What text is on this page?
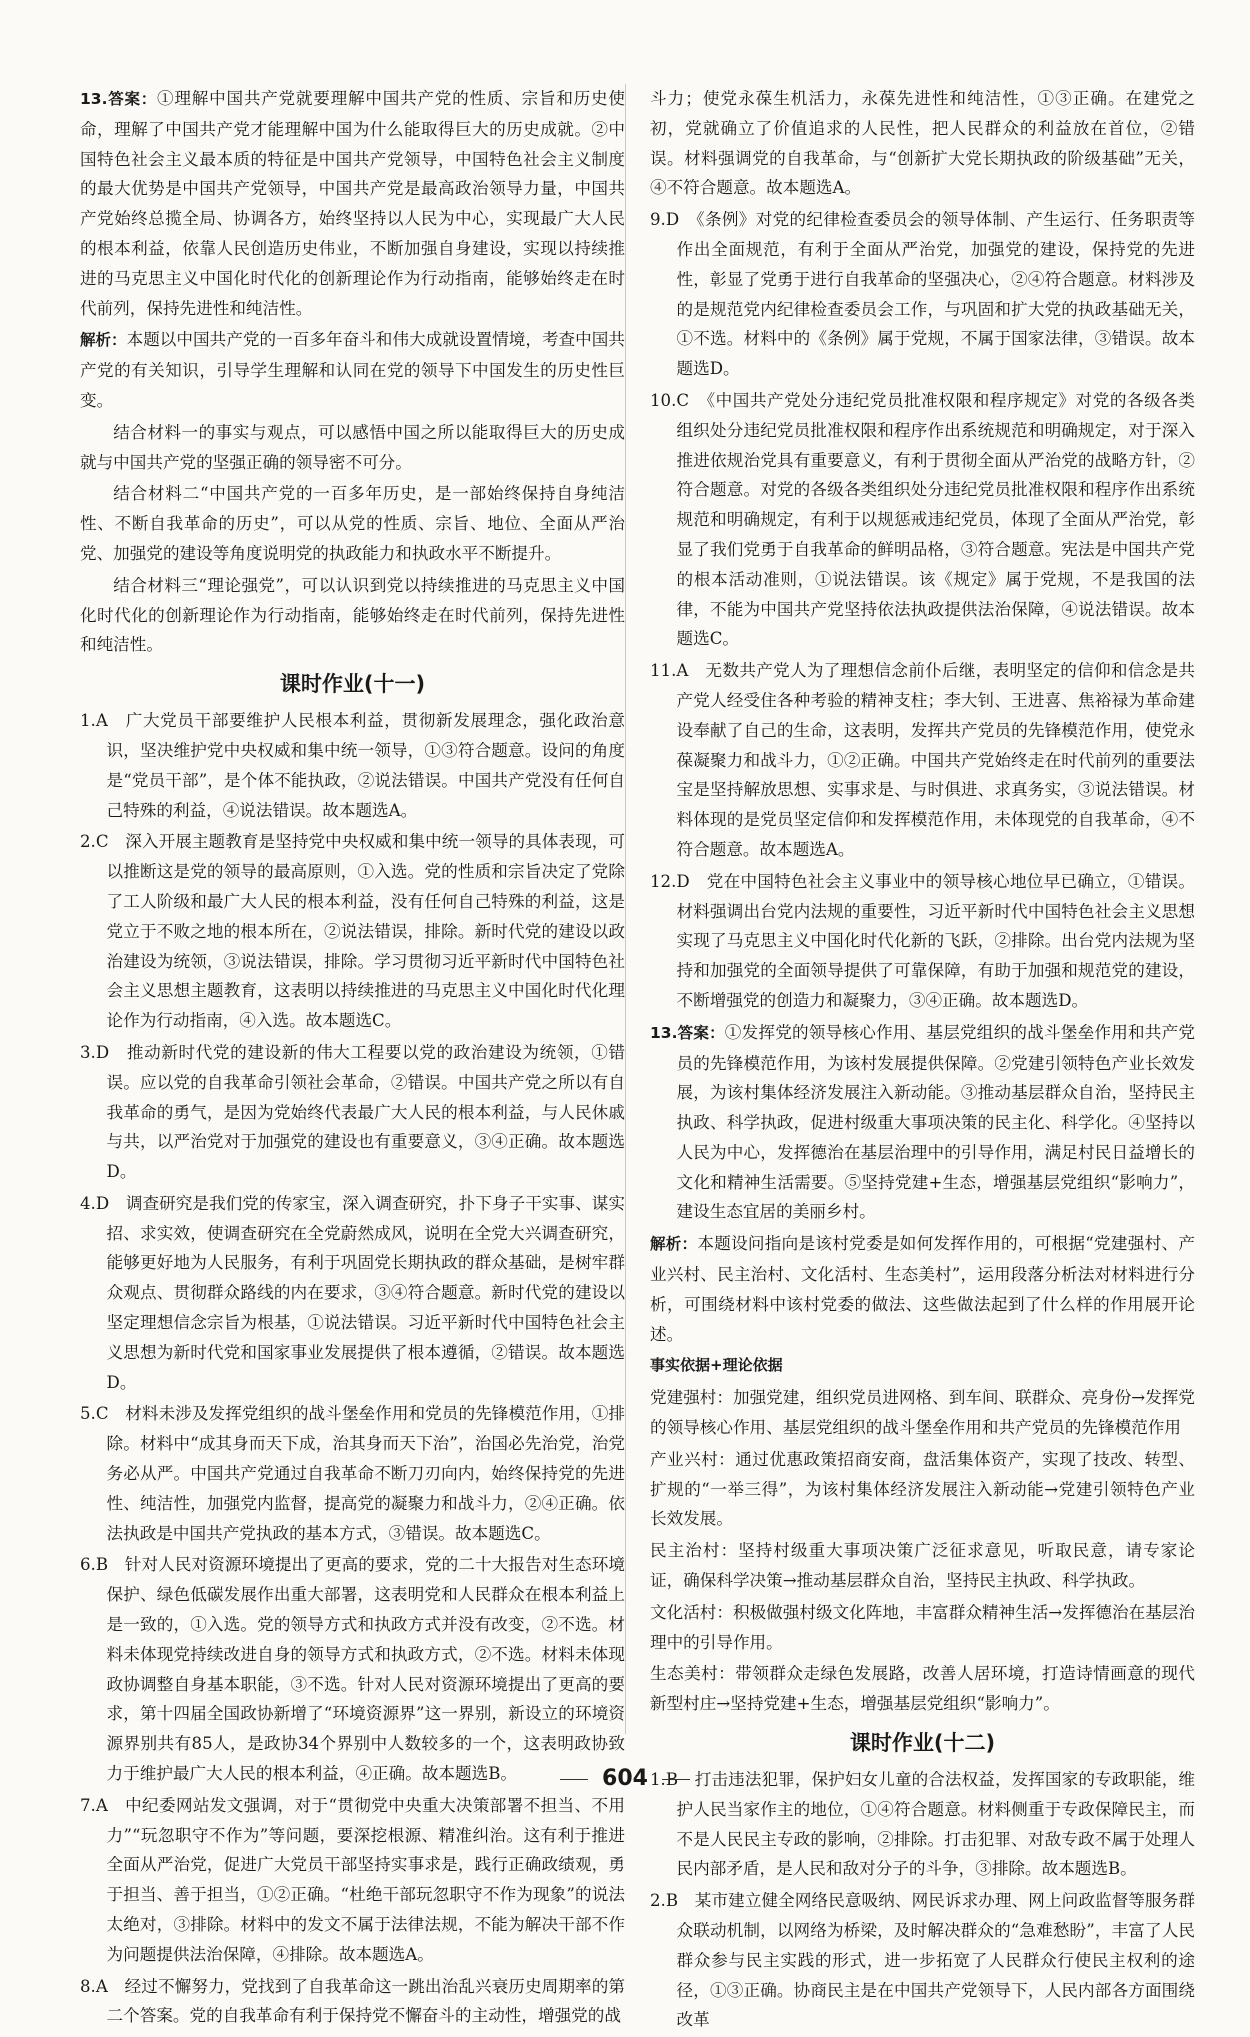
13.答案：①理解中国共产党就要理解中国共产党的性质、宗旨和历史使命，理解了中国共产党才能理解中国为什么能取得巨大的历史成就。②中国特色社会主义最本质的特征是中国共产党领导，中国特色社会主义制度的最大优势是中国共产党领导，中国共产党是最高政治领导力量，中国共产党始终总揽全局、协调各方，始终坚持以人民为中心，实现最广大人民的根本利益，依靠人民创造历史伟业，不断加强自身建设，实现以持续推进的马克思主义中国化时代化的创新理论作为行动指南，能够始终走在时代前列，保持先进性和纯洁性。
解析：本题以中国共产党的一百多年奋斗和伟大成就设置情境，考查中国共产党的有关知识，引导学生理解和认同在党的领导下中国发生的历史性巨变。
结合材料一的事实与观点，可以感悟中国之所以能取得巨大的历史成就与中国共产党的坚强正确的领导密不可分。
结合材料二“中国共产党的一百多年历史，是一部始终保持自身纯洁性、不断自我革命的历史”，可以从党的性质、宗旨、地位、全面从严治党、加强党的建设等角度说明党的执政能力和执政水平不断提升。
结合材料三“理论强党”，可以认识到党以持续推进的马克思主义中国化时代化的创新理论作为行动指南，能够始终走在时代前列，保持先进性和纯洁性。
课时作业(十一)
1.A　广大党员干部要维护人民根本利益，贯彻新发展理念，强化政治意识，坚决维护党中央权威和集中统一领导，①③符合题意。设问的角度是“党员干部”，是个体不能执政，②说法错误。中国共产党没有任何自己特殊的利益，④说法错误。故本题选A。
2.C　深入开展主题教育是坚持党中央权威和集中统一领导的具体表现，可以推断这是党的领导的最高原则，①入选。党的性质和宗旨决定了党除了工人阶级和最广大人民的根本利益，没有任何自己特殊的利益，这是党立于不败之地的根本所在，②说法错误，排除。新时代党的建设以政治建设为统领，③说法错误，排除。学习贯彻习近平新时代中国特色社会主义思想主题教育，这表明以持续推进的马克思主义中国化时代化理论作为行动指南，④入选。故本题选C。
3.D　推动新时代党的建设新的伟大工程要以党的政治建设为统领，①错误。应以党的自我革命引领社会革命，②错误。中国共产党之所以有自我革命的勇气，是因为党始终代表最广大人民的根本利益，与人民休戚与共，以严治党对于加强党的建设也有重要意义，③④正确。故本题选D。
4.D　调查研究是我们党的传家宝，深入调查研究，扑下身子干实事、谋实招、求实效，使调查研究在全党蔚然成风，说明在全党大兴调查研究，能够更好地为人民服务，有利于巩固党长期执政的群众基础，是树牢群众观点、贯彻群众路线的内在要求，③④符合题意。新时代党的建设以坚定理想信念宗旨为根基，①说法错误。习近平新时代中国特色社会主义思想为新时代党和国家事业发展提供了根本遵循，②错误。故本题选D。
5.C　材料未涉及发挥党组织的战斗堡垒作用和党员的先锋模范作用，①排除。材料中“成其身而天下成，治其身而天下治”，治国必先治党，治党务必从严。中国共产党通过自我革命不断刀刃向内，始终保持党的先进性、纯洁性，加强党内监督，提高党的凝聚力和战斗力，②④正确。依法执政是中国共产党执政的基本方式，③错误。故本题选C。
6.B　针对人民对资源环境提出了更高的要求，党的二十大报告对生态环境保护、绿色低碳发展作出重大部署，这表明党和人民群众在根本利益上是一致的，①入选。党的领导方式和执政方式并没有改变，②不选。材料未体现党持续改进自身的领导方式和执政方式，②不选。材料未体现政协调整自身基本职能，③不选。针对人民对资源环境提出了更高的要求，第十四届全国政协新增了“环境资源界”这一界别，新设立的环境资源界别共有85人，是政协34个界别中人数较多的一个，这表明政协致力于维护最广大人民的根本利益，④正确。故本题选B。
7.A　中纪委网站发文强调，对于“贯彻党中央重大决策部署不担当、不用力”“玩忽职守不作为”等问题，要深挖根源、精准纠治。这有利于推进全面从严治党，促进广大党员干部坚持实事求是，践行正确政绩观，勇于担当、善于担当，①②正确。“杜绝干部玩忽职守不作为现象”的说法太绝对，③排除。材料中的发文不属于法律法规，不能为解决干部不作为问题提供法治保障，④排除。故本题选A。
8.A　经过不懈努力，党找到了自我革命这一跳出治乱兴衰历史周期率的第二个答案。党的自我革命有利于保持党不懈奋斗的主动性，增强党的战
斗力；使党永葆生机活力，永葆先进性和纯洁性，①③正确。在建党之初，党就确立了价值追求的人民性，把人民群众的利益放在首位，②错误。材料强调党的自我革命，与“创新扩大党长期执政的阶级基础”无关，④不符合题意。故本题选A。
9.D　《条例》对党的纪律检查委员会的领导体制、产生运行、任务职责等作出全面规范，有利于全面从严治党，加强党的建设，保持党的先进性，彰显了党勇于进行自我革命的坚强决心，②④符合题意。材料涉及的是规范党内纪律检查委员会工作，与巩固和扩大党的执政基础无关，①不选。材料中的《条例》属于党规，不属于国家法律，③错误。故本题选D。
10.C　《中国共产党处分违纪党员批准权限和程序规定》对党的各级各类组织处分违纪党员批准权限和程序作出系统规范和明确规定，对于深入推进依规治党具有重要意义，有利于贯彻全面从严治党的战略方针，②符合题意。对党的各级各类组织处分违纪党员批准权限和程序作出系统规范和明确规定，有利于以规惩戒违纪党员，体现了全面从严治党，彰显了我们党勇于自我革命的鲜明品格，③符合题意。宪法是中国共产党的根本活动准则，①说法错误。该《规定》属于党规，不是我国的法律，不能为中国共产党坚持依法执政提供法治保障，④说法错误。故本题选C。
11.A　无数共产党人为了理想信念前仆后继，表明坚定的信仰和信念是共产党人经受住各种考验的精神支柱；李大钊、王进喜、焦裕禄为革命建设奉献了自己的生命，这表明，发挥共产党员的先锋模范作用，使党永葆凝聚力和战斗力，①②正确。中国共产党始终走在时代前列的重要法宝是坚持解放思想、实事求是、与时俱进、求真务实，③说法错误。材料体现的是党员坚定信仰和发挥模范作用，未体现党的自我革命，④不符合题意。故本题选A。
12.D　党在中国特色社会主义事业中的领导核心地位早已确立，①错误。材料强调出台党内法规的重要性，习近平新时代中国特色社会主义思想实现了马克思主义中国化时代化新的飞跃，②排除。出台党内法规为坚持和加强党的全面领导提供了可靠保障，有助于加强和规范党的建设，不断增强党的创造力和凝聚力，③④正确。故本题选D。
13.答案：①发挥党的领导核心作用、基层党组织的战斗堡垒作用和共产党员的先锋模范作用，为该村发展提供保障。②党建引领特色产业长效发展，为该村集体经济发展注入新动能。③推动基层群众自治，坚持民主执政、科学执政，促进村级重大事项决策的民主化、科学化。④坚持以人民为中心，发挥德治在基层治理中的引导作用，满足村民日益增长的文化和精神生活需要。⑤坚持党建+生态，增强基层党组织“影响力”，建设生态宜居的美丽乡村。
解析：本题设问指向是该村党委是如何发挥作用的，可根据“党建强村、产业兴村、民主治村、文化活村、生态美村”，运用段落分析法对材料进行分析，可围绕材料中该村党委的做法、这些做法起到了什么样的作用展开论述。
事实依据+理论依据
党建强村：加强党建，组织党员进网格、到车间、联群众、亮身份→发挥党的领导核心作用、基层党组织的战斗堡垒作用和共产党员的先锋模范作用
产业兴村：通过优惠政策招商安商，盘活集体资产，实现了技改、转型、扩规的“一举三得”，为该村集体经济发展注入新动能→党建引领特色产业长效发展。
民主治村：坚持村级重大事项决策广泛征求意见，听取民意，请专家论证，确保科学决策→推动基层群众自治，坚持民主执政、科学执政。
文化活村：积极做强村级文化阵地，丰富群众精神生活→发挥德治在基层治理中的引导作用。
生态美村：带领群众走绿色发展路，改善人居环境，打造诗情画意的现代新型村庄→坚持党建+生态，增强基层党组织“影响力”。
课时作业(十二)
1.B　打击违法犯罪，保护妇女儿童的合法权益，发挥国家的专政职能，维护人民当家作主的地位，①④符合题意。材料侧重于专政保障民主，而不是人民民主专政的影响，②排除。打击犯罪、对敌专政不属于处理人民内部矛盾，是人民和敌对分子的斗争，③排除。故本题选B。
2.B　某市建立健全网络民意吸纳、网民诉求办理、网上问政监督等服务群众联动机制，以网络为桥梁，及时解决群众的“急难愁盼”，丰富了人民群众参与民主实践的形式，进一步拓宽了人民群众行使民主权利的途径，①③正确。协商民主是在中国共产党领导下，人民内部各方面围绕改革
604
